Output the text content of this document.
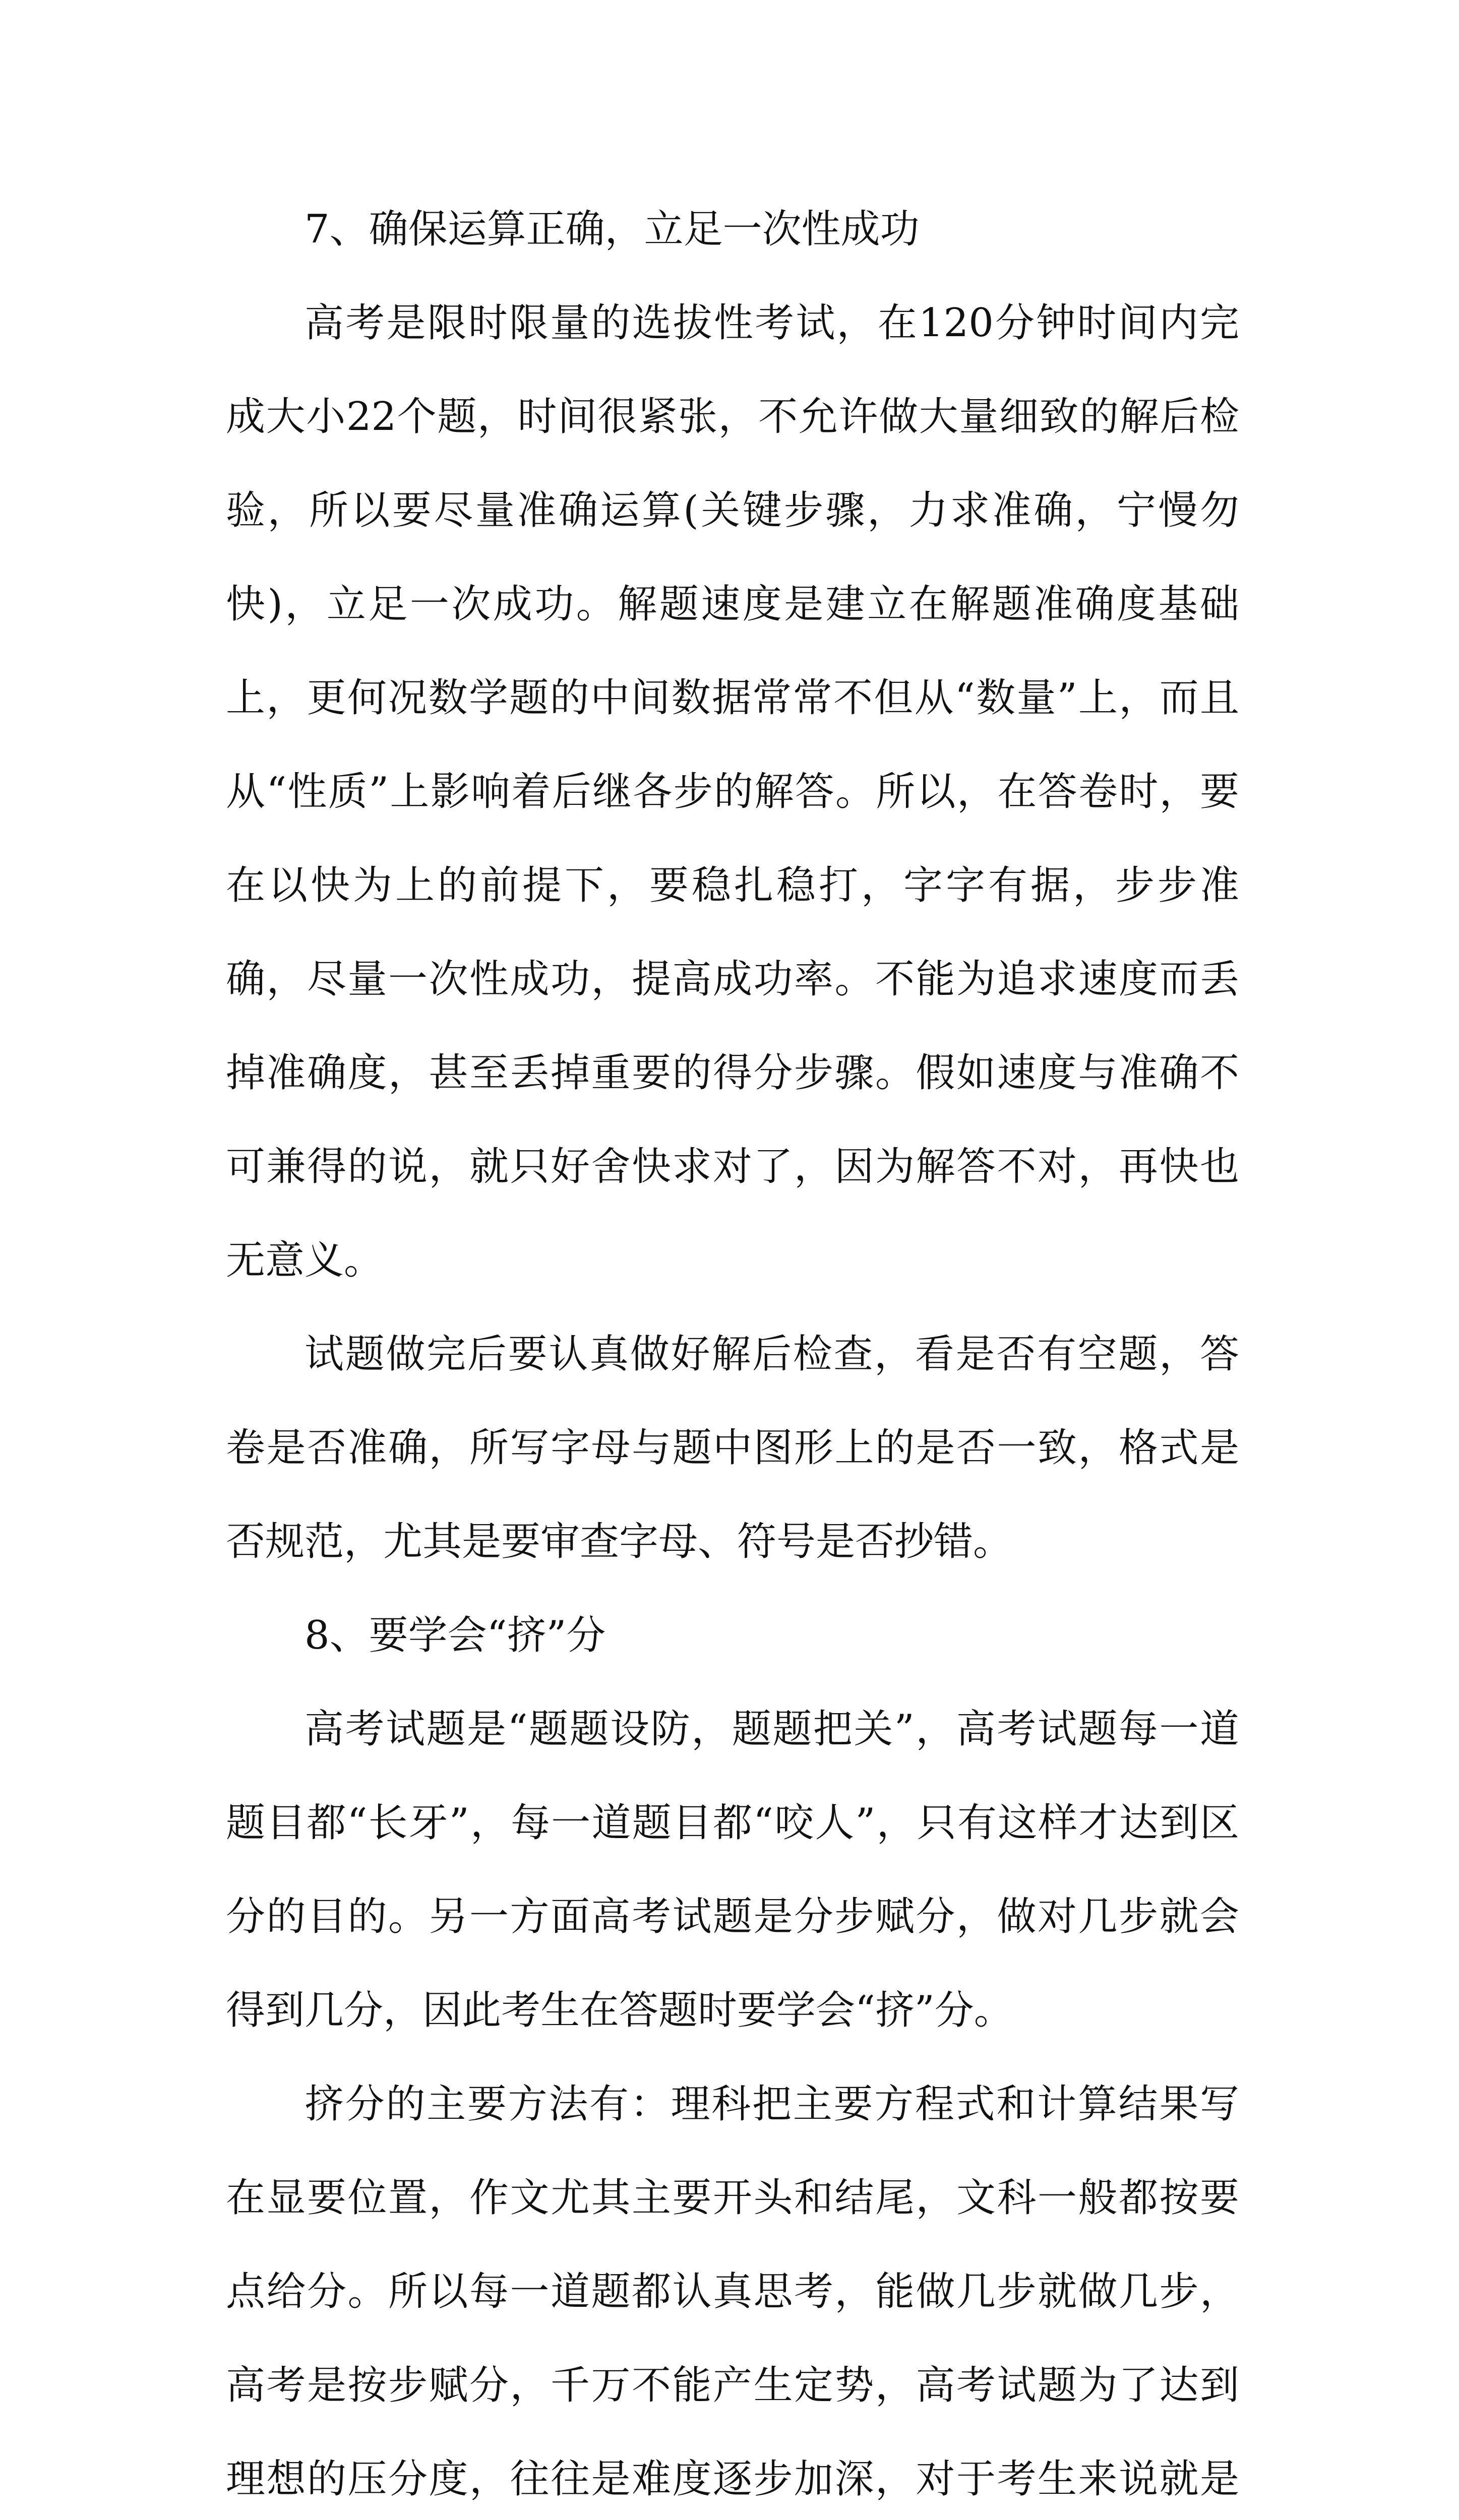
7、确保运算正确，立足一次性成功

高考是限时限量的选拔性考试，在120分钟时间内完成大小22个题，时间很紧张，不允许做大量细致的解后检验，所以要尽量准确运算(关键步骤，力求准确，宁慢勿快)，立足一次成功。解题速度是建立在解题准确度基础上，更何况数学题的中间数据常常不但从“数量”上，而且从“性质”上影响着后继各步的解答。所以，在答卷时，要在以快为上的前提下，要稳扎稳打，字字有据，步步准确，尽量一次性成功，提高成功率。不能为追求速度而丢掉准确度，甚至丢掉重要的得分步骤。假如速度与准确不可兼得的说，就只好舍快求对了，因为解答不对，再快也无意义。

试题做完后要认真做好解后检查，看是否有空题，答卷是否准确，所写字母与题中图形上的是否一致，格式是否规范，尤其是要审查字母、符号是否抄错。

8、要学会“挤”分

高考试题是“题题设防，题题把关”，高考试题每一道题目都“长牙”，每一道题目都“咬人”，只有这样才达到区分的目的。另一方面高考试题是分步赋分，做对几步就会得到几分，因此考生在答题时要学会“挤”分。

挤分的主要方法有：理科把主要方程式和计算结果写在显要位置，作文尤其主要开头和结尾，文科一般都按要点给分。所以每一道题都认真思考，能做几步就做几步，高考是按步赋分，千万不能产生定势，高考试题为了达到理想的压分度，往往是难度逐步加深，对于考生来说就是
